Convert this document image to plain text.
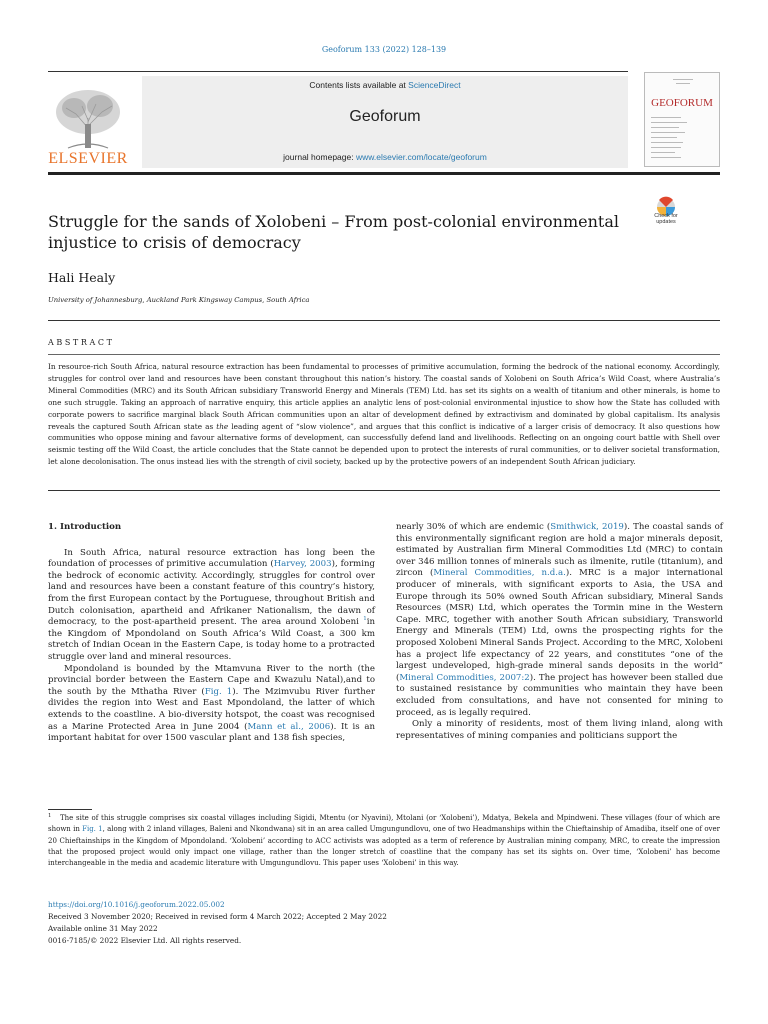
Geoforum 133 (2022) 128–139
ELSEVIER
Contents lists available at ScienceDirect
Geoforum
journal homepage: www.elsevier.com/locate/geoforum
GEOFORUM
Struggle for the sands of Xolobeni – From post-colonial environmental injustice to crisis of democracy
Check for
updates
Hali Healy
University of Johannesburg, Auckland Park Kingsway Campus, South Africa
ABSTRACT
In resource-rich South Africa, natural resource extraction has been fundamental to processes of primitive accumulation, forming the bedrock of the national economy. Accordingly, struggles for control over land and resources have been constant throughout this nation’s history. The coastal sands of Xolobeni on South Africa’s Wild Coast, where Australia’s Mineral Commodities (MRC) and its South African subsidiary Transworld Energy and Minerals (TEM) Ltd. has set its sights on a wealth of titanium and other minerals, is home to one such struggle. Taking an approach of narrative enquiry, this article applies an analytic lens of post-colonial environmental injustice to show how the State has colluded with corporate powers to sacrifice marginal black South African communities upon an altar of development defined by extractivism and dominated by global capitalism. Its analysis reveals the captured South African state as the leading agent of “slow violence”, and argues that this conflict is indicative of a larger crisis of democracy. It also questions how communities who oppose mining and favour alternative forms of development, can successfully defend land and livelihoods. Reflecting on an ongoing court battle with Shell over seismic testing off the Wild Coast, the article concludes that the State cannot be depended upon to protect the interests of rural communities, or to deliver societal transformation, let alone decolonisation. The onus instead lies with the strength of civil society, backed up by the protective powers of an independent South African judiciary.
1. Introduction

In South Africa, natural resource extraction has long been the foundation of processes of primitive accumulation (Harvey, 2003), forming the bedrock of economic activity. Accordingly, struggles for control over land and resources have been a constant feature of this country’s history, from the first European contact by the Portuguese, throughout British and Dutch colonisation, apartheid and Afrikaner Nationalism, the dawn of democracy, to the post-apartheid present. The area around Xolobeni $^1$in the Kingdom of Mpondoland on South Africa’s Wild Coast, a 300 km stretch of Indian Ocean in the Eastern Cape, is today home to a protracted struggle over land and mineral resources.

Mpondoland is bounded by the Mtamvuna River to the north (the provincial border between the Eastern Cape and Kwazulu Natal),and to the south by the Mthatha River (Fig. 1). The Mzimvubu River further divides the region into West and East Mpondoland, the latter of which extends to the coastline. A bio-diversity hotspot, the coast was recognised as a Marine Protected Area in June 2004 (Mann et al., 2006). It is an important habitat for over 1500 vascular plant and 138 fish species,

nearly 30% of which are endemic (Smithwick, 2019). The coastal sands of this environmentally significant region are hold a major minerals deposit, estimated by Australian firm Mineral Commodities Ltd (MRC) to contain over 346 million tonnes of minerals such as ilmenite, rutile (titanium), and zircon (Mineral Commodities, n.d.a.). MRC is a major international producer of minerals, with significant exports to Asia, the USA and Europe through its 50% owned South African subsidiary, Mineral Sands Resources (MSR) Ltd, which operates the Tormin mine in the Western Cape. MRC, together with another South African subsidiary, Transworld Energy and Minerals (TEM) Ltd, owns the prospecting rights for the proposed Xolobeni Mineral Sands Project. According to the MRC, Xolobeni has a project life expectancy of 22 years, and constitutes “one of the largest undeveloped, high-grade mineral sands deposits in the world” (Mineral Commodities, 2007:2). The project has however been stalled due to sustained resistance by communities who maintain they have been excluded from consultations, and have not consented for mining to proceed, as is legally required.

Only a minority of residents, most of them living inland, along with representatives of mining companies and politicians support the

$^1$ The site of this struggle comprises six coastal villages including Sigidi, Mtentu (or Nyavini), Mtolani (or ‘Xolobeni’), Mdatya, Bekela and Mpindweni. These villages (four of which are shown in Fig. 1, along with 2 inland villages, Baleni and Nkondwana) sit in an area called Umgungundlovu, one of two Headmanships within the Chieftainship of Amadiba, itself one of over 20 Chieftainships in the Kingdom of Mpondoland. ‘Xolobeni’ according to ACC activists was adopted as a term of reference by Australian mining company, MRC, to create the impression that the proposed project would only impact one village, rather than the longer stretch of coastline that the company has set its sights on. Over time, ‘Xolobeni’ has become interchangeable in the media and academic literature with Umgungundlovu. This paper uses ‘Xolobeni’ in this way.
https://doi.org/10.1016/j.geoforum.2022.05.002
Received 3 November 2020; Received in revised form 4 March 2022; Accepted 2 May 2022
Available online 31 May 2022
0016-7185/© 2022 Elsevier Ltd. All rights reserved.
